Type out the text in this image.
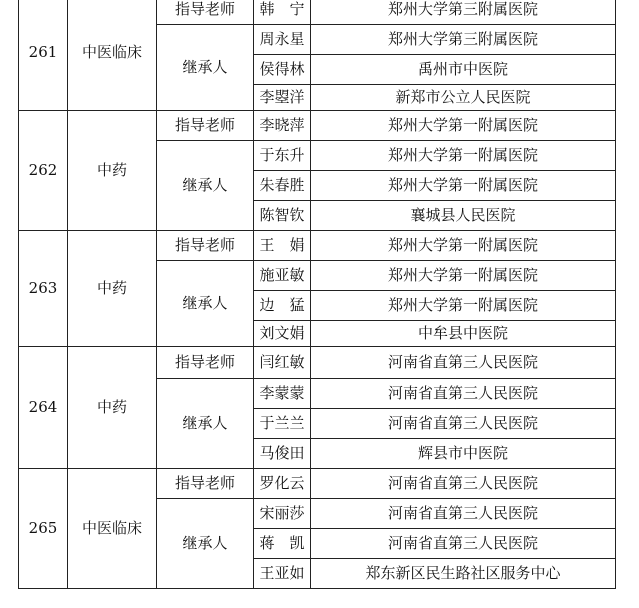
261	中医临床	指导老师	韩　宁	郑州大学第三附属医院
		继承人	周永星	郑州大学第三附属医院
			侯得林	禹州市中医院
			李曌洋	新郑市公立人民医院
262	中药	指导老师	李晓萍	郑州大学第一附属医院
		继承人	于东升	郑州大学第一附属医院
			朱春胜	郑州大学第一附属医院
			陈智钦	襄城县人民医院
263	中药	指导老师	王　娟	郑州大学第一附属医院
		继承人	施亚敏	郑州大学第一附属医院
			边　猛	郑州大学第一附属医院
			刘文娟	中牟县中医院
264	中药	指导老师	闫红敏	河南省直第三人民医院
		继承人	李蒙蒙	河南省直第三人民医院
			于兰兰	河南省直第三人民医院
			马俊田	辉县市中医院
265	中医临床	指导老师	罗化云	河南省直第三人民医院
		继承人	宋丽莎	河南省直第三人民医院
			蒋　凯	河南省直第三人民医院
			王亚如	郑东新区民生路社区服务中心
